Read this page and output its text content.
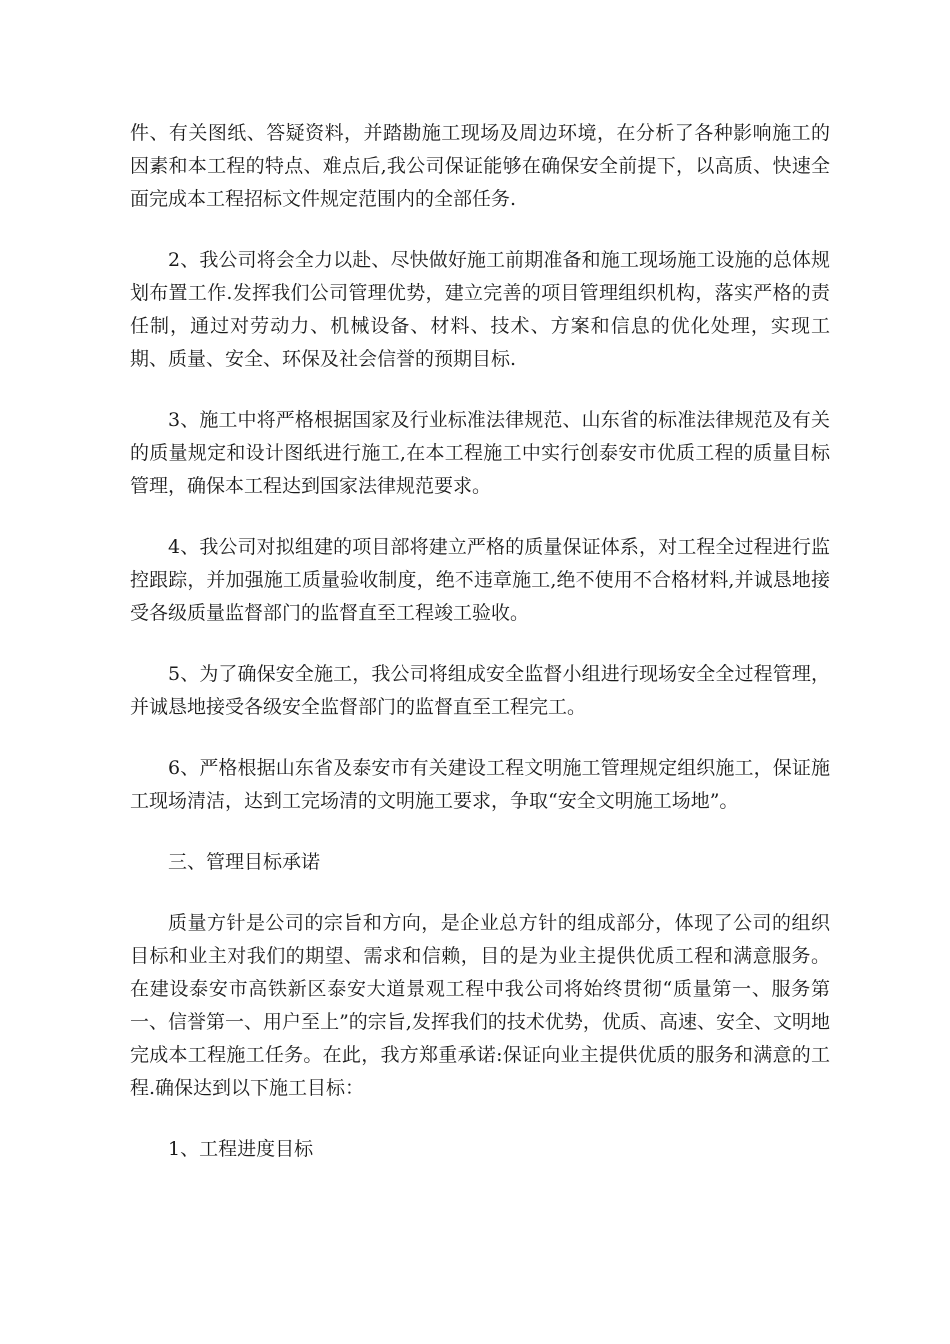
件、有关图纸、答疑资料，并踏勘施工现场及周边环境，在分析了各种影响施工的因素和本工程的特点、难点后,我公司保证能够在确保安全前提下，以高质、快速全面完成本工程招标文件规定范围内的全部任务.

2、我公司将会全力以赴、尽快做好施工前期准备和施工现场施工设施的总体规划布置工作.发挥我们公司管理优势，建立完善的项目管理组织机构，落实严格的责任制，通过对劳动力、机械设备、材料、技术、方案和信息的优化处理，实现工期、质量、安全、环保及社会信誉的预期目标.

3、施工中将严格根据国家及行业标准法律规范、山东省的标准法律规范及有关的质量规定和设计图纸进行施工,在本工程施工中实行创泰安市优质工程的质量目标管理，确保本工程达到国家法律规范要求。

4、我公司对拟组建的项目部将建立严格的质量保证体系，对工程全过程进行监控跟踪，并加强施工质量验收制度，绝不违章施工,绝不使用不合格材料,并诚恳地接受各级质量监督部门的监督直至工程竣工验收。

5、为了确保安全施工，我公司将组成安全监督小组进行现场安全全过程管理，并诚恳地接受各级安全监督部门的监督直至工程完工。

6、严格根据山东省及泰安市有关建设工程文明施工管理规定组织施工，保证施工现场清洁，达到工完场清的文明施工要求，争取“安全文明施工场地”。

三、管理目标承诺

质量方针是公司的宗旨和方向，是企业总方针的组成部分，体现了公司的组织目标和业主对我们的期望、需求和信赖，目的是为业主提供优质工程和满意服务。在建设泰安市高铁新区泰安大道景观工程中我公司将始终贯彻“质量第一、服务第一、信誉第一、用户至上”的宗旨,发挥我们的技术优势，优质、高速、安全、文明地完成本工程施工任务。在此，我方郑重承诺:保证向业主提供优质的服务和满意的工程.确保达到以下施工目标：

1、工程进度目标
